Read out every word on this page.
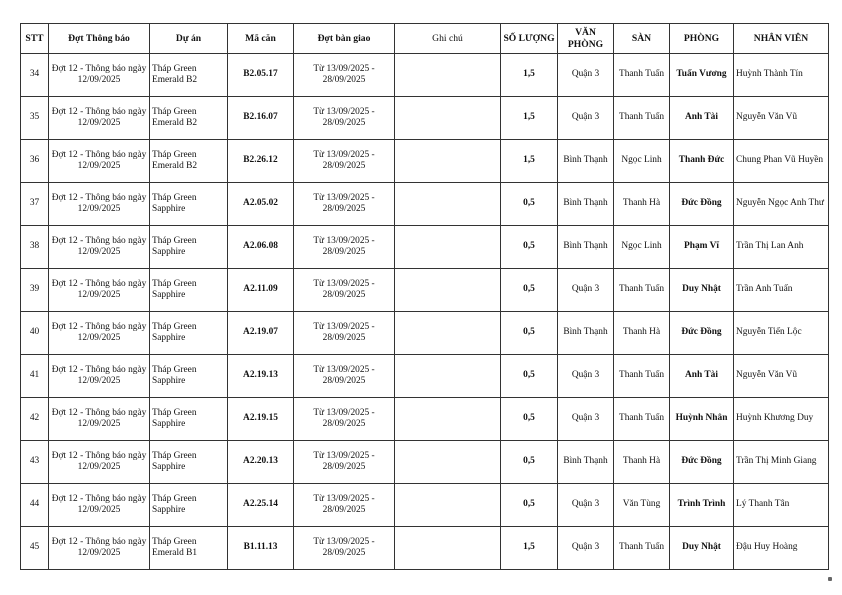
STT	Đợt Thông báo	Dự án	Mã căn	Đợt bàn giao	Ghi chú	SỐ LƯỢNG	VĂN PHÒNG	SÀN	PHÒNG	NHÂN VIÊN
34	Đợt 12 - Thông báo ngày 12/09/2025	Tháp Green Emerald B2	B2.05.17	Từ 13/09/2025 - 28/09/2025		1,5	Quận 3	Thanh Tuấn	Tuấn Vương	Huỳnh Thành Tín
35	Đợt 12 - Thông báo ngày 12/09/2025	Tháp Green Emerald B2	B2.16.07	Từ 13/09/2025 - 28/09/2025		1,5	Quận 3	Thanh Tuấn	Anh Tài	Nguyễn Văn Vũ
36	Đợt 12 - Thông báo ngày 12/09/2025	Tháp Green Emerald B2	B2.26.12	Từ 13/09/2025 - 28/09/2025		1,5	Bình Thạnh	Ngọc Linh	Thanh Đức	Chung Phan Vũ Huyền
37	Đợt 12 - Thông báo ngày 12/09/2025	Tháp Green Sapphire	A2.05.02	Từ 13/09/2025 - 28/09/2025		0,5	Bình Thạnh	Thanh Hà	Đức Đồng	Nguyễn Ngọc Anh Thư
38	Đợt 12 - Thông báo ngày 12/09/2025	Tháp Green Sapphire	A2.06.08	Từ 13/09/2025 - 28/09/2025		0,5	Bình Thạnh	Ngọc Linh	Phạm Vĩ	Trần Thị Lan Anh
39	Đợt 12 - Thông báo ngày 12/09/2025	Tháp Green Sapphire	A2.11.09	Từ 13/09/2025 - 28/09/2025		0,5	Quận 3	Thanh Tuấn	Duy Nhật	Trần Anh Tuấn
40	Đợt 12 - Thông báo ngày 12/09/2025	Tháp Green Sapphire	A2.19.07	Từ 13/09/2025 - 28/09/2025		0,5	Bình Thạnh	Thanh Hà	Đức Đồng	Nguyễn Tiến Lộc
41	Đợt 12 - Thông báo ngày 12/09/2025	Tháp Green Sapphire	A2.19.13	Từ 13/09/2025 - 28/09/2025		0,5	Quận 3	Thanh Tuấn	Anh Tài	Nguyễn Văn Vũ
42	Đợt 12 - Thông báo ngày 12/09/2025	Tháp Green Sapphire	A2.19.15	Từ 13/09/2025 - 28/09/2025		0,5	Quận 3	Thanh Tuấn	Huỳnh Nhân	Huỳnh Khương Duy
43	Đợt 12 - Thông báo ngày 12/09/2025	Tháp Green Sapphire	A2.20.13	Từ 13/09/2025 - 28/09/2025		0,5	Bình Thạnh	Thanh Hà	Đức Đồng	Trần Thị Minh Giang
44	Đợt 12 - Thông báo ngày 12/09/2025	Tháp Green Sapphire	A2.25.14	Từ 13/09/2025 - 28/09/2025		0,5	Quận 3	Văn Tùng	Trình Trình	Lý Thanh Tân
45	Đợt 12 - Thông báo ngày 12/09/2025	Tháp Green Emerald B1	B1.11.13	Từ 13/09/2025 - 28/09/2025		1,5	Quận 3	Thanh Tuấn	Duy Nhật	Đậu Huy Hoàng
